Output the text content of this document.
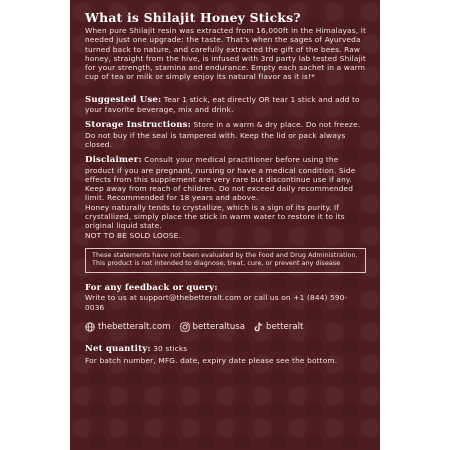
What is Shilajit Honey Sticks?

When pure Shilajit resin was extracted from 16,000ft in the Himalayas, it needed just one upgrade: the taste. That's when the sages of Ayurveda turned back to nature, and carefully extracted the gift of the bees. Raw honey, straight from the hive, is infused with 3rd party lab tested Shilajit for your strength, stamina and endurance. Empty each sachet in a warm cup of tea or milk or simply enjoy its natural flavor as it is!*

Suggested Use: Tear 1 stick, eat directly OR tear 1 stick and add to your favorite beverage, mix and drink.

Storage Instructions: Store in a warm & dry place. Do not freeze. Do not buy if the seal is tampered with. Keep the lid or pack always closed.

Disclaimer: Consult your medical practitioner before using the product if you are pregnant, nursing or have a medical condition. Side effects from this supplement are very rare but discontinue use if any. Keep away from reach of children. Do not exceed daily recommended limit. Recommended for 18 years and above.

Honey naturally tends to crystallize, which is a sign of its purity. If crystallized, simply place the stick in warm water to restore it to its original liquid state.

NOT TO BE SOLD LOOSE.

These statements have not been evaluated by the Food and Drug Administration. This product is not intended to diagnose, treat, cure, or prevent any disease

For any feedback or query:

Write to us at support@thebetteralt.com or call us on +1 (844) 590-0036

thebetteralt.com	betteraltusa betteralt

Net quantity: 30 sticks

For batch number, MFG. date, expiry date please see the bottom.
